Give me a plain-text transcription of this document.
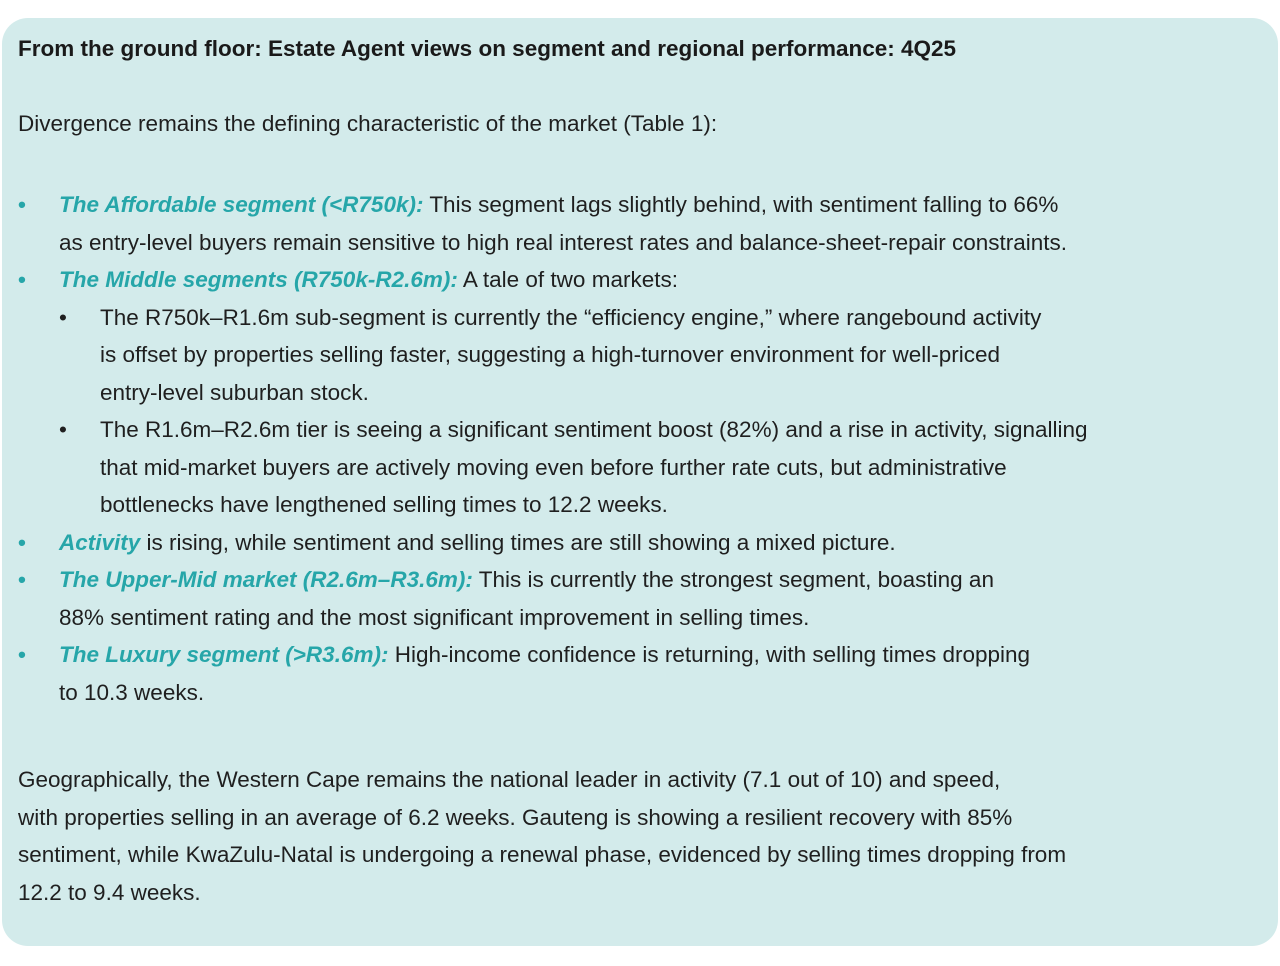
From the ground floor: Estate Agent views on segment and regional performance: 4Q25
Divergence remains the defining characteristic of the market (Table 1):
• The Affordable segment (<R750k): This segment lags slightly behind, with sentiment falling to 66%
as entry-level buyers remain sensitive to high real interest rates and balance-sheet-repair constraints.
• The Middle segments (R750k-R2.6m): A tale of two markets:
• The R750k–R1.6m sub-segment is currently the “efficiency engine,” where rangebound activity
is offset by properties selling faster, suggesting a high-turnover environment for well-priced
entry-level suburban stock.
• The R1.6m–R2.6m tier is seeing a significant sentiment boost (82%) and a rise in activity, signalling
that mid-market buyers are actively moving even before further rate cuts, but administrative
bottlenecks have lengthened selling times to 12.2 weeks.
• Activity is rising, while sentiment and selling times are still showing a mixed picture.
• The Upper-Mid market (R2.6m–R3.6m): This is currently the strongest segment, boasting an
88% sentiment rating and the most significant improvement in selling times.
• The Luxury segment (>R3.6m): High-income confidence is returning, with selling times dropping
to 10.3 weeks.
Geographically, the Western Cape remains the national leader in activity (7.1 out of 10) and speed,
with properties selling in an average of 6.2 weeks. Gauteng is showing a resilient recovery with 85%
sentiment, while KwaZulu-Natal is undergoing a renewal phase, evidenced by selling times dropping from
12.2 to 9.4 weeks.
